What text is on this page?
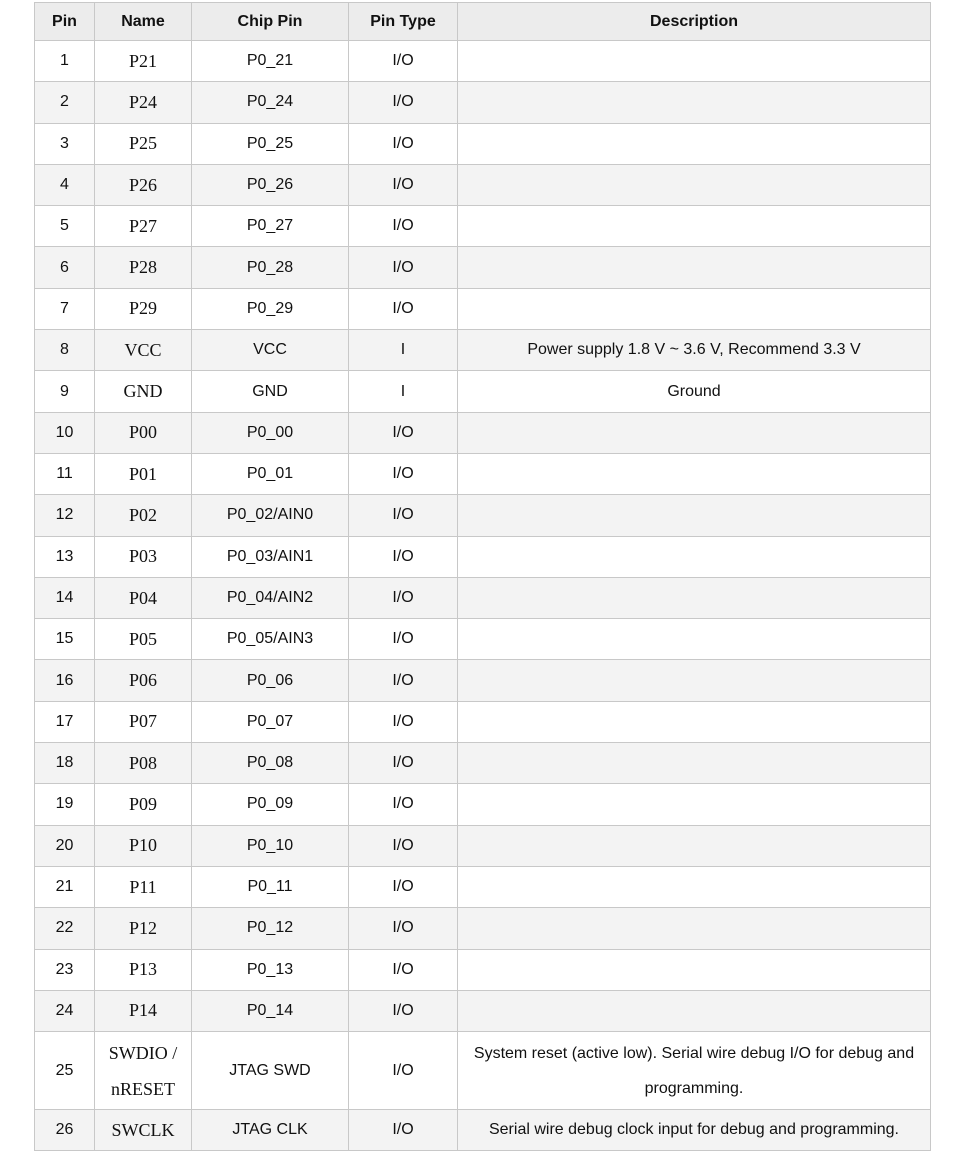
Pin	Name	Chip Pin	Pin Type	Description
1	P21	P0_21	I/O	
2	P24	P0_24	I/O	
3	P25	P0_25	I/O	
4	P26	P0_26	I/O	
5	P27	P0_27	I/O	
6	P28	P0_28	I/O	
7	P29	P0_29	I/O	
8	VCC	VCC	I	Power supply 1.8 V ~ 3.6 V, Recommend 3.3 V
9	GND	GND	I	Ground
10	P00	P0_00	I/O	
11	P01	P0_01	I/O	
12	P02	P0_02/AIN0	I/O	
13	P03	P0_03/AIN1	I/O	
14	P04	P0_04/AIN2	I/O	
15	P05	P0_05/AIN3	I/O	
16	P06	P0_06	I/O	
17	P07	P0_07	I/O	
18	P08	P0_08	I/O	
19	P09	P0_09	I/O	
20	P10	P0_10	I/O	
21	P11	P0_11	I/O	
22	P12	P0_12	I/O	
23	P13	P0_13	I/O	
24	P14	P0_14	I/O	
25	SWDIO / nRESET	JTAG SWD	I/O	System reset (active low). Serial wire debug I/O for debug and programming.
26	SWCLK	JTAG CLK	I/O	Serial wire debug clock input for debug and programming.
